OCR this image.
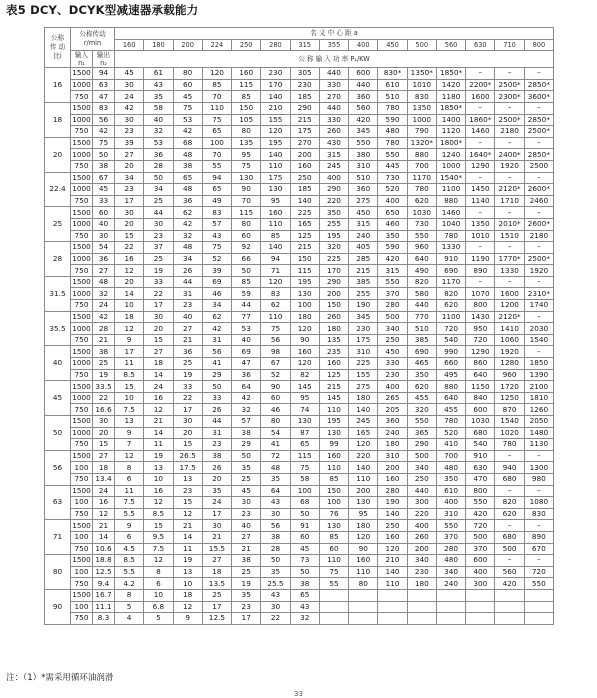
表5 DCY、DCYK型减速器承载能力
公称
传 动
比i	公称传动
r/min		名 义 中 心 距 a														
			160	180	200	224	250	280	315	355	400	450	500	560	630	710	800
	输入
n₁	输出
n₂	公 称 输 入 功 率 P₁/KW														
16	1500	94	45	61	80	120	160	230	305	440	600	830*	1350*	1850*	–	–	–
	1000	63	30	43	60	85	115	170	230	330	440	610	1010	1420	2200*	2500*	2850*
	750	47	24	35	45	70	85	140	185	270	360	510	830	1180	1600	2300*	3600*
18	1500	83	42	58	75	110	150	210	290	440	560	780	1350	1850*	–	–	–
	1000	56	30	40	53	75	105	155	215	330	420	590	1000	1400	1860*	2500*	2850*
	750	42	23	32	42	65	80	120	175	260	345	480	790	1120	1460	2180	2500*
20	1500	75	39	53	68	100	135	195	270	430	550	780	1320*	1800*	–	–	–
	1000	50	27	36	48	70	95	140	200	315	380	550	880	1240	1640*	2400*	2850*
	750	38	20	28	38	55	75	110	160	245	310	445	700	1000	1290	1920	2500
22.4	1500	67	34	50	65	94	130	175	250	400	510	730	1170	1540*	–	–	–
	1000	45	23	34	48	65	90	130	185	290	360	520	780	1100	1450	2120*	2600*
	750	33	17	25	36	49	70	95	140	220	275	400	620	880	1140	1710	2460
25	1500	60	30	44	62	83	115	160	225	350	450	650	1030	1460	–	–	–
	1000	40	20	30	42	57	80	110	165	255	315	460	730	1040	1350	2010*	2600*
	750	30	15	23	32	43	60	85	125	195	240	350	550	780	1010	1510	2180
28	1500	54	22	37	48	75	92	140	215	320	405	590	960	1330	–	–	–
	1000	36	16	25	34	52	66	94	150	225	285	420	640	910	1190	1770*	2500*
	750	27	12	19	26	39	50	71	115	170	215	315	490	690	890	1330	1920
31.5	1500	48	20	33	44	69	85	120	195	290	385	550	820	1170	–	–	–
	1000	32	14	22	31	46	59	83	130	200	255	370	580	820	1070	1600	2310*
	750	24	10	17	23	34	44	62	100	150	190	280	440	620	800	1200	1740
35.5	1500	42	18	30	40	62	77	110	180	260	345	500	770	1100	1430	2120*	–
	1000	28	12	20	27	42	53	75	120	180	230	340	510	720	950	1410	2030
	750	21	9	15	21	31	40	56	90	135	175	250	385	540	720	1060	1540
40	1500	38	17	27	36	56	69	98	160	235	310	450	690	990	1290	1920	–
	1000	25	11	18	25	41	47	67	120	160	225	330	465	660	860	1280	1850
	750	19	8.5	14	19	29	36	52	82	125	155	230	350	495	640	960	1390
45	1500	33.5	15	24	33	50	64	90	145	215	275	400	620	880	1150	1720	2100
	1000	22	10	16	22	33	42	60	95	145	180	265	455	640	840	1250	1810
	750	16.6	7.5	12	17	26	32	46	74	110	140	205	320	455	600	870	1260
50	1500	30	13	21	30	44	57	80	130	195	245	360	550	780	1030	1540	2050
	1000	20	9	14	20	31	38	54	87	130	165	240	365	520	680	1020	1480
	750	15	7	11	15	23	29	41	65	99	120	180	290	410	540	780	1130
56	1500	27	12	19	26.5	38	50	72	115	160	220	310	500	700	910	–	–
	100	18	8	13	17.5	26	35	48	75	110	140	200	340	480	630	940	1300
	750	13.4	6	10	13	20	25	35	58	85	110	160	250	350	470	680	980
63	1500	24	11	16	23	35	45	64	100	150	200	280	440	610	800	–	–
	100	16	7.5	12	15	24	30	43	68	100	130	190	300	400	550	820	1080
	750	12	5.5	8.5	12	17	23	30	50	76	95	140	220	310	420	620	830
71	1500	21	9	15	21	30	40	56	91	130	180	250	400	550	720	–	–
	100	14	6	9.5	14	21	27	38	60	85	120	160	260	370	500	680	890
	750	10.6	4.5	7.5	11	15.5	21	28	45	60	90	120	200	280	370	500	670
80	1500	18.8	8.5	12	19	27	38	50	73	110	160	210	340	480	600	–	–
	100	12.5	5.5	8	13	18	25	35	50	75	110	140	230	340	400	560	720
	750	9.4	4.2	6	10	13.5	19	25.5	38	55	80	110	180	240	300	420	550
90	1500	16.7	8	10	18	25	35	43	65								
	100	11.1	5	6.8	12	17	23	30	43								
	750	8.3	4	5	9	12.5	17	22	32								
注：（1）*需采用循环油润滑
33
